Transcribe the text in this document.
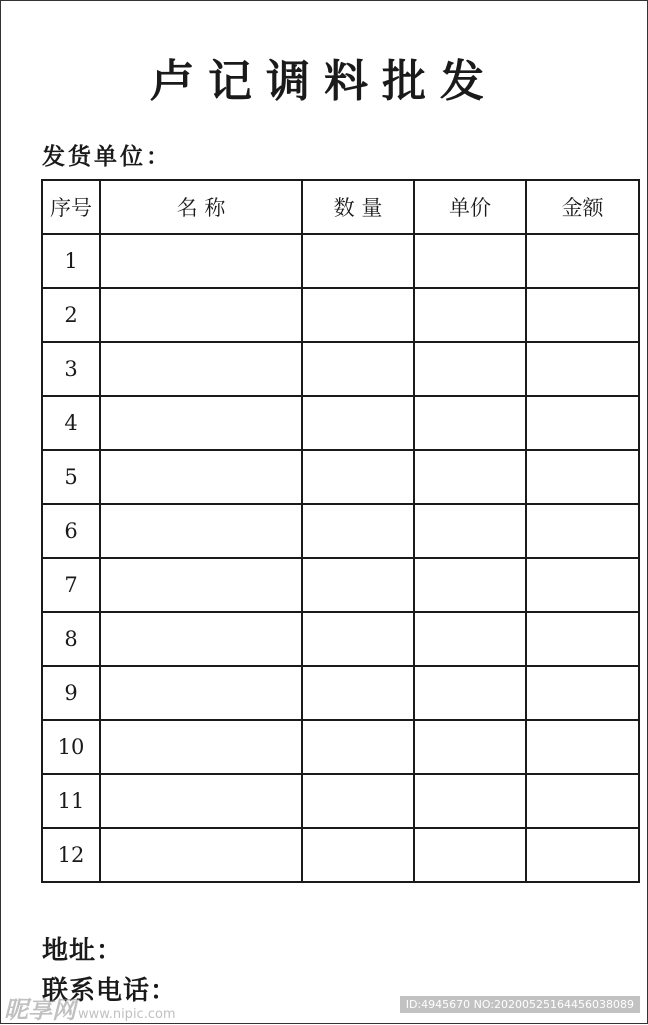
卢记调料批发
发货单位：
序号	名 称	数 量	单价	金额
1				
2				
3				
4				
5				
6				
7				
8				
9				
10				
11				
12				
地址：
联系电话：
昵享网 www.nipic.com
ID:4945670 NO:20200525164456038089
